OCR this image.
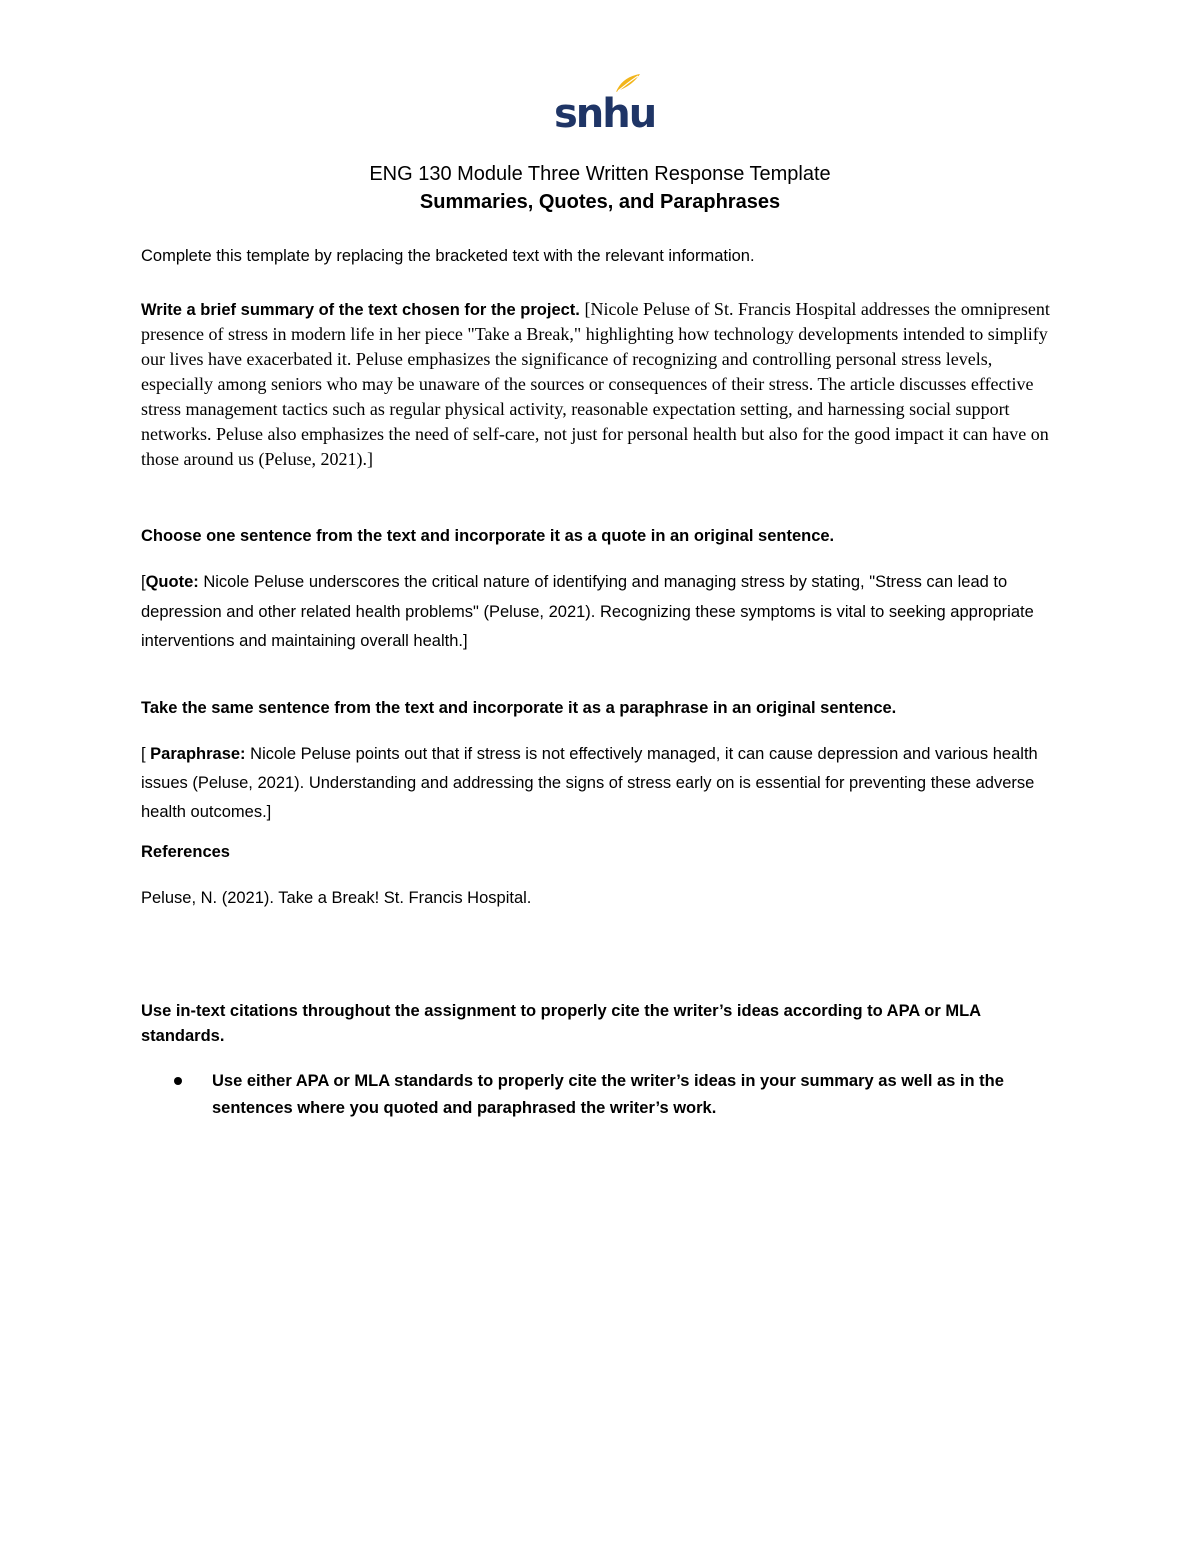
snhu
ENG 130 Module Three Written Response Template
Summaries, Quotes, and Paraphrases
Complete this template by replacing the bracketed text with the relevant information.
Write a brief summary of the text chosen for the project. [Nicole Peluse of St. Francis Hospital addresses the omnipresent presence of stress in modern life in her piece "Take a Break," highlighting how technology developments intended to simplify our lives have exacerbated it. Peluse emphasizes the significance of recognizing and controlling personal stress levels, especially among seniors who may be unaware of the sources or consequences of their stress. The article discusses effective stress management tactics such as regular physical activity, reasonable expectation setting, and harnessing social support networks. Peluse also emphasizes the need of self-care, not just for personal health but also for the good impact it can have on those around us (Peluse, 2021).]
Choose one sentence from the text and incorporate it as a quote in an original sentence.
[Quote: Nicole Peluse underscores the critical nature of identifying and managing stress by stating, "Stress can lead to depression and other related health problems" (Peluse, 2021). Recognizing these symptoms is vital to seeking appropriate interventions and maintaining overall health.]
Take the same sentence from the text and incorporate it as a paraphrase in an original sentence.
[ Paraphrase: Nicole Peluse points out that if stress is not effectively managed, it can cause depression and various health issues (Peluse, 2021). Understanding and addressing the signs of stress early on is essential for preventing these adverse health outcomes.]
References
Peluse, N. (2021). Take a Break! St. Francis Hospital.
Use in-text citations throughout the assignment to properly cite the writer’s ideas according to APA or MLA standards.
Use either APA or MLA standards to properly cite the writer’s ideas in your summary as well as in the sentences where you quoted and paraphrased the writer’s work.
